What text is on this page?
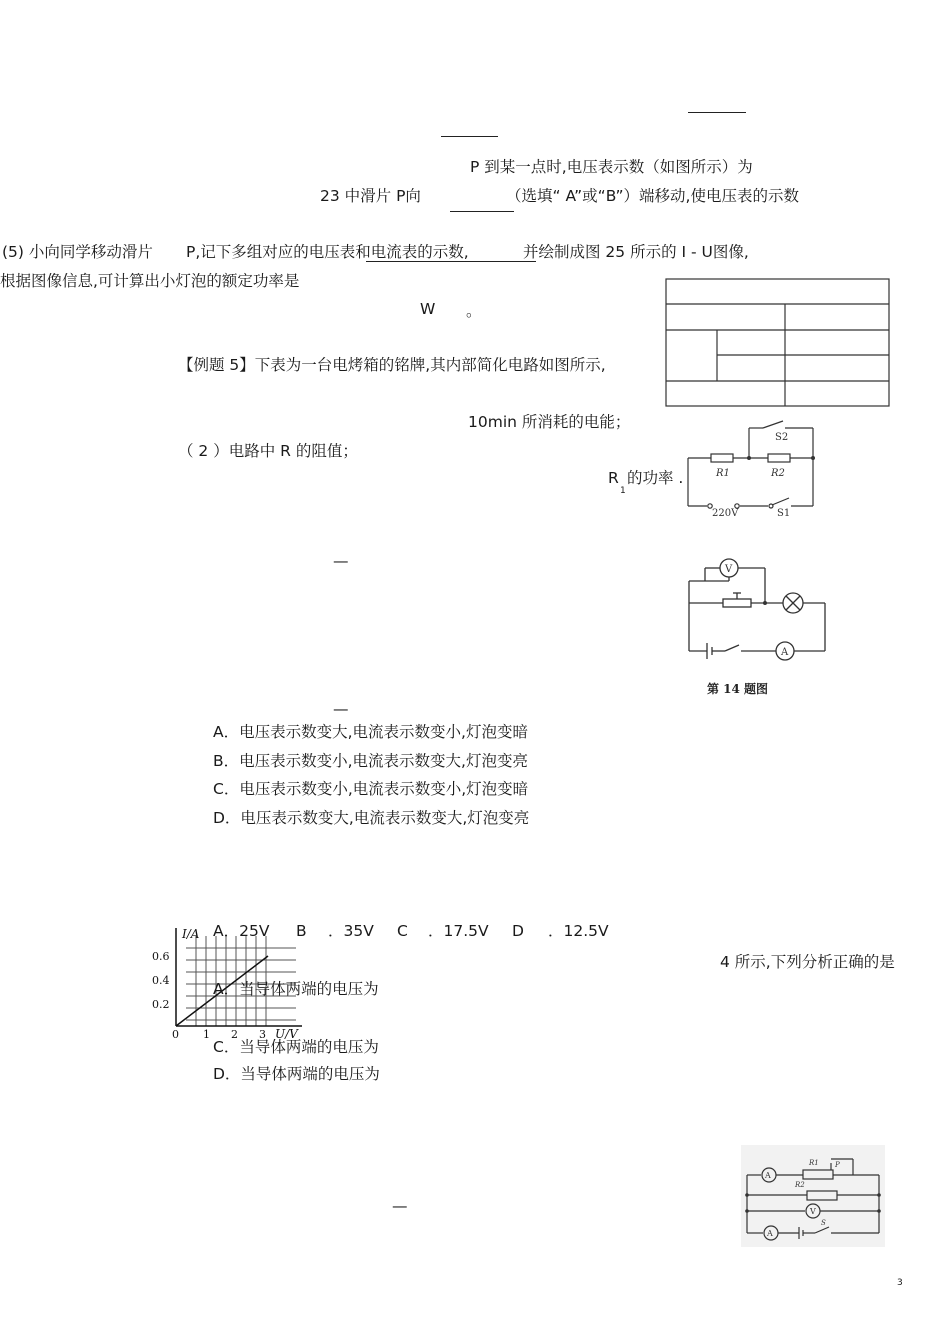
P 到某一点时,电压表示数（如图所示）为
23 中滑片 P向	（选填“ A”或“B”）端移动,使电压表的示数
(5) 小向同学移动滑片 P,记下多组对应的电压表和电流表的示数,	并绘制成图 25 所示的 I - U图像,
根据图像信息,可计算出小灯泡的额定功率是
W 。
【例题 5】下表为一台电烤箱的铭牌,其内部简化电路如图所示,
10min 所消耗的电能；
（ 2 ）电路中 R 的阻值；
R
1
的功率 .
S2
R1	R2
220V	S1
—	V
A
第 14 题图
—
A．电压表示数变大,电流表示数变小,灯泡变暗
B．电压表示数变小,电流表示数变大,灯泡变亮
C．电压表示数变小,电流表示数变小,灯泡变暗
D．电压表示数变大,电流表示数变大,灯泡变亮
I/A
U/V
0
0.2
0.4
0.6
1 2 3
A．25V B ．35V C ．17.5V D ．12.5V
4 所示,下列分析正确的是
A．当导体两端的电压为
C．当导体两端的电压为
D．当导体两端的电压为
—
A
R1 P
R2
V
A
S
3
